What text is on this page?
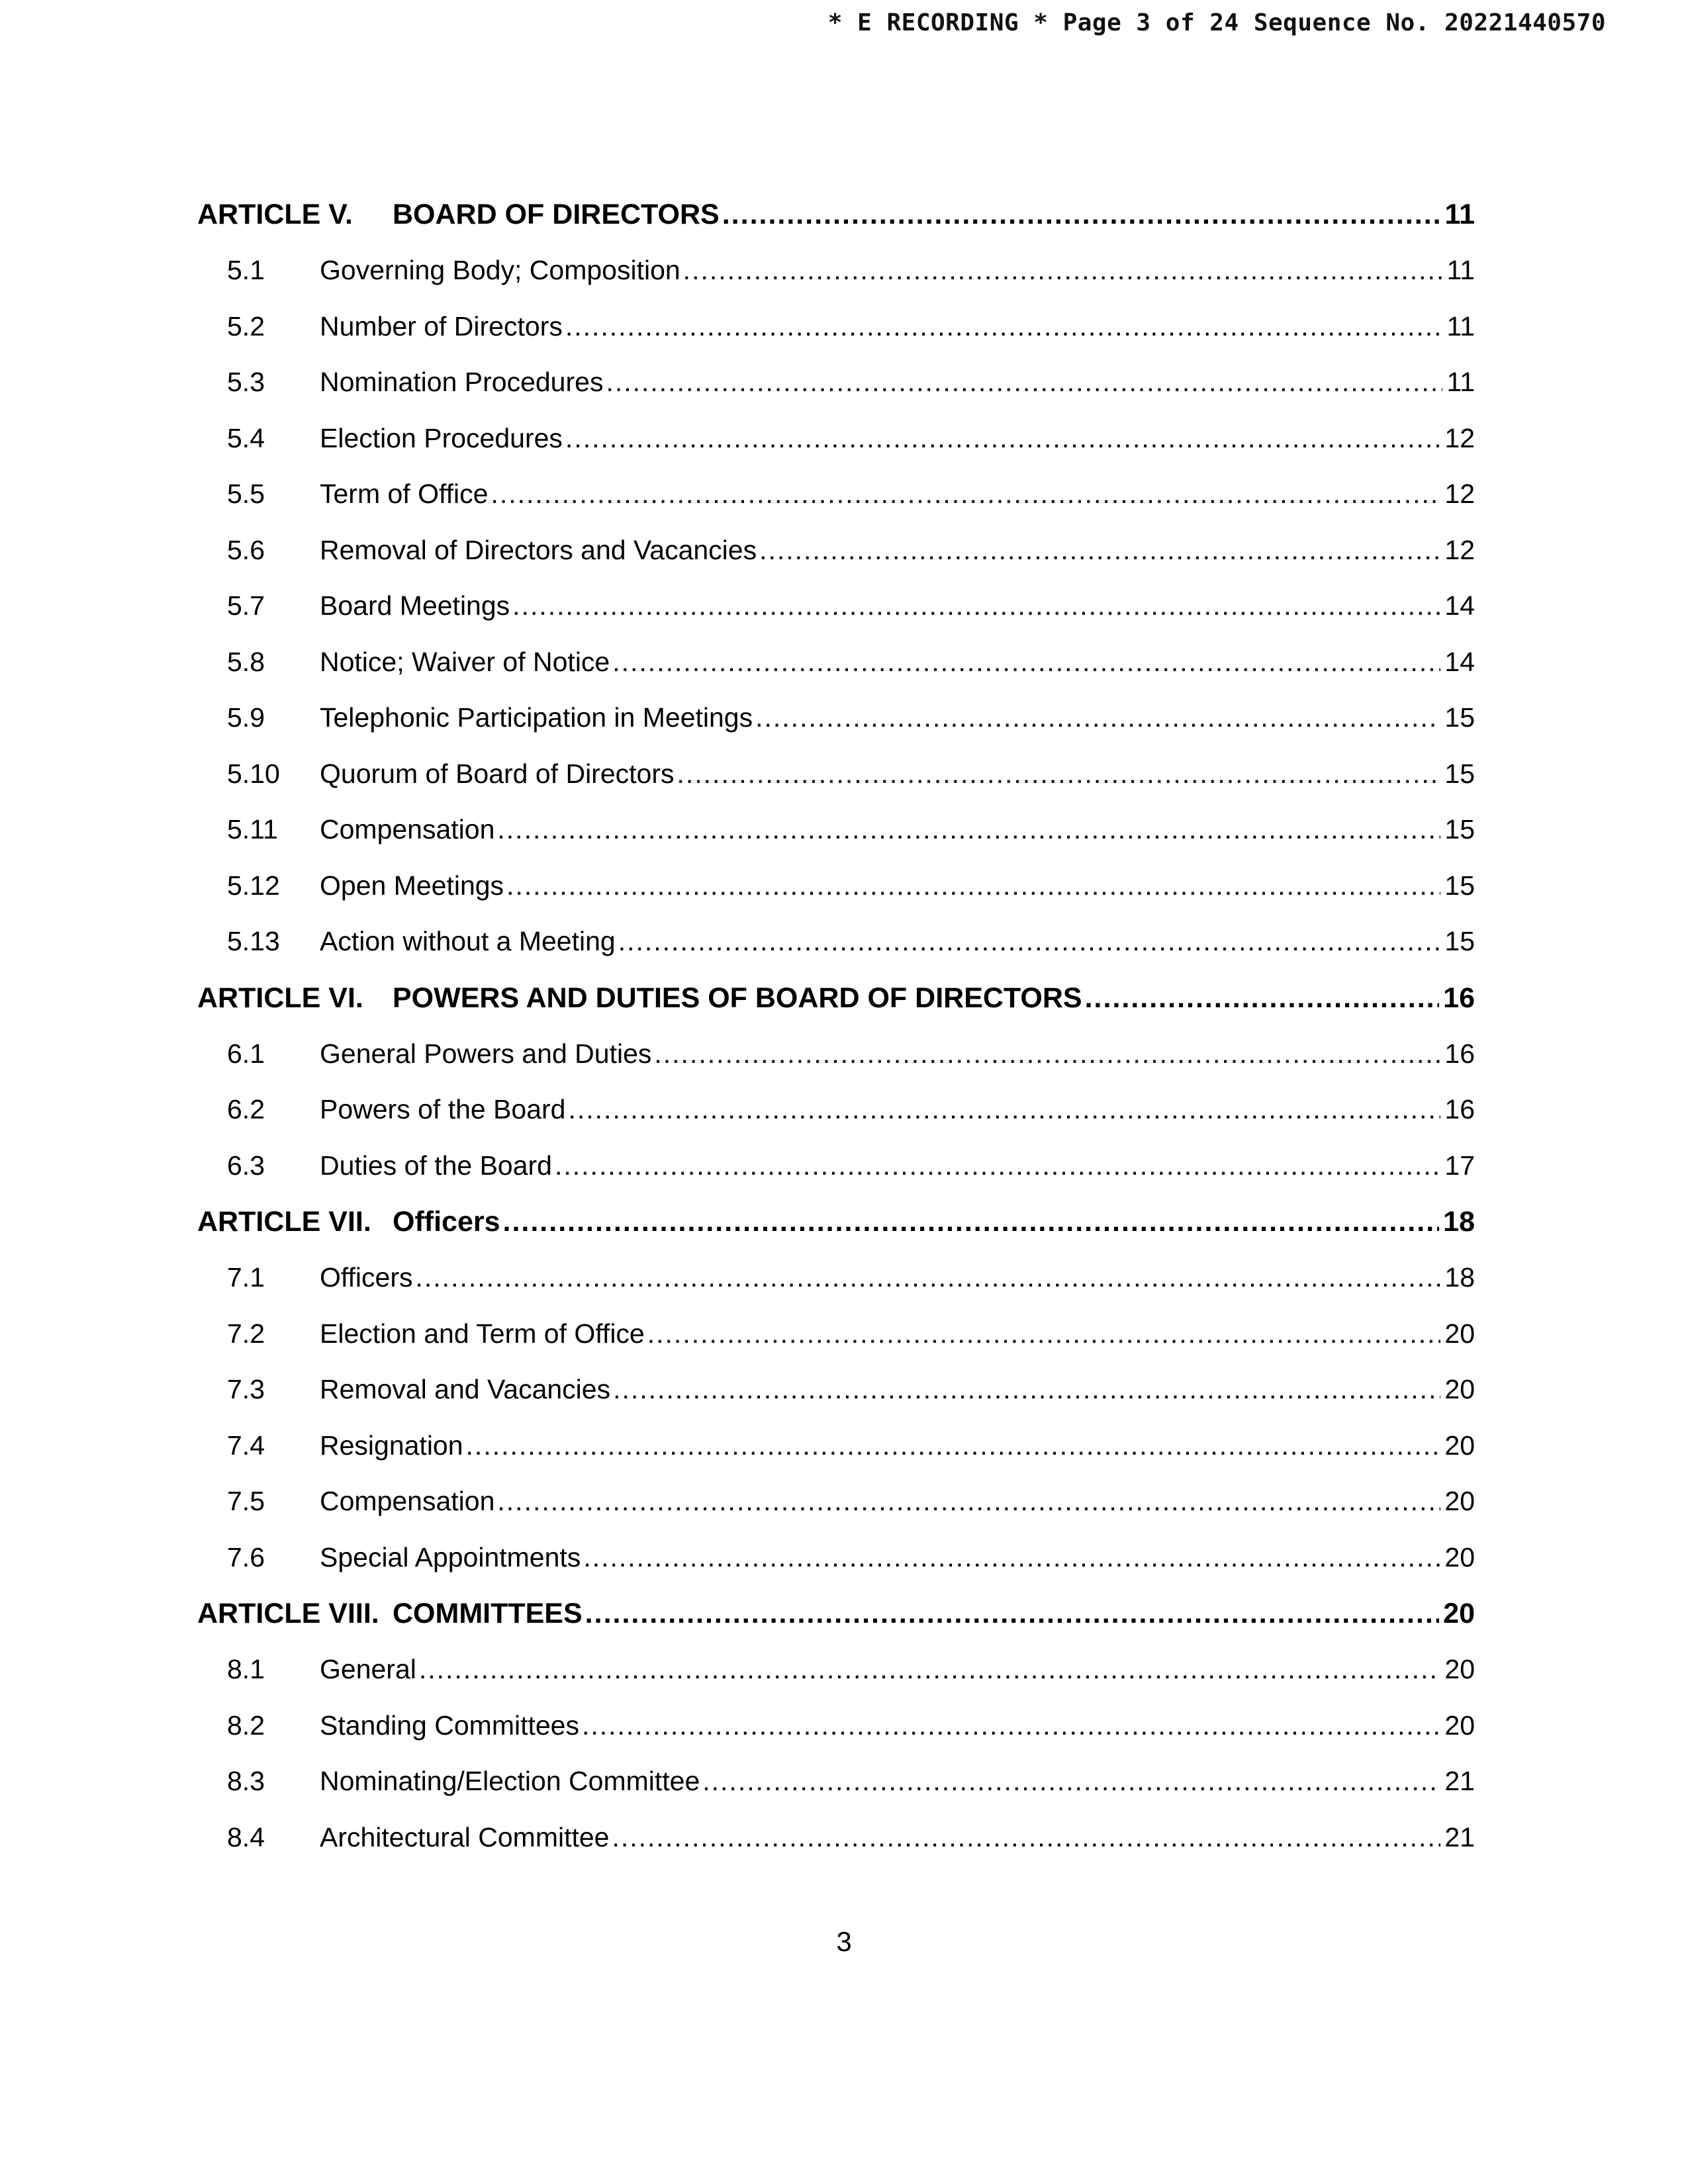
* E RECORDING * Page 3 of 24 Sequence No. 20221440570
ARTICLE V.	BOARD OF DIRECTORS .....	11
5.1	Governing Body; Composition .....	11
5.2	Number of Directors .....	11
5.3	Nomination Procedures .....	11
5.4	Election Procedures .....	12
5.5	Term of Office .....	12
5.6	Removal of Directors and Vacancies .....	12
5.7	Board Meetings .....	14
5.8	Notice; Waiver of Notice .....	14
5.9	Telephonic Participation in Meetings .....	15
5.10	Quorum of Board of Directors .....	15
5.11	Compensation .....	15
5.12	Open Meetings .....	15
5.13	Action without a Meeting .....	15
ARTICLE VI.	POWERS AND DUTIES OF BOARD OF DIRECTORS .....	16
6.1	General Powers and Duties .....	16
6.2	Powers of the Board .....	16
6.3	Duties of the Board .....	17
ARTICLE VII. Officers .....	18
7.1	Officers .....	18
7.2	Election and Term of Office .....	20
7.3	Removal and Vacancies .....	20
7.4	Resignation .....	20
7.5	Compensation .....	20
7.6	Special Appointments .....	20
ARTICLE VIII. COMMITTEES .....	20
8.1	General .....	20
8.2	Standing Committees .....	20
8.3	Nominating/Election Committee .....	21
8.4	Architectural Committee .....	21
3
